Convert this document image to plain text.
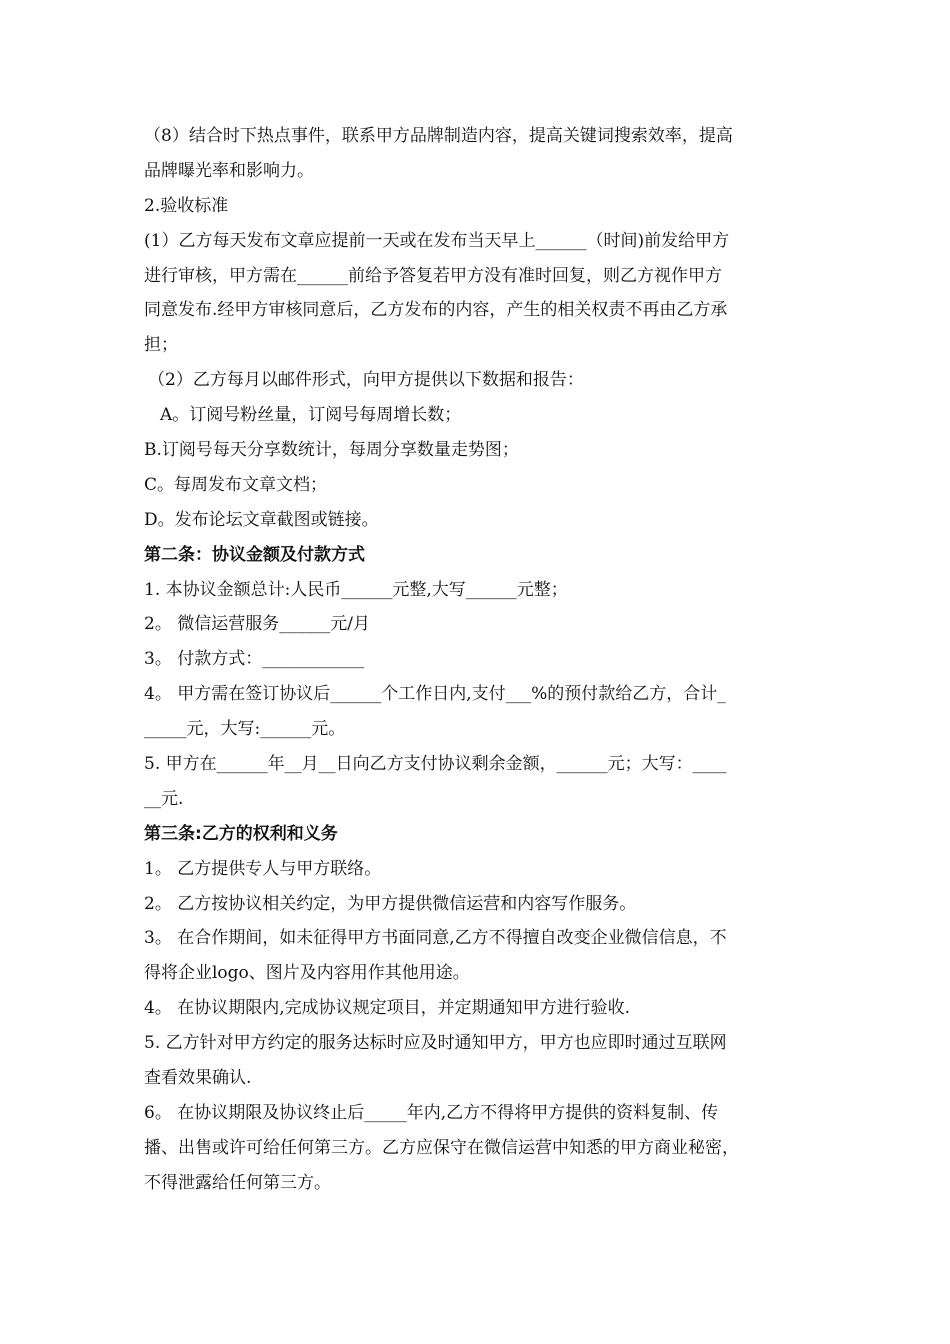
（8）结合时下热点事件，联系甲方品牌制造内容，提高关键词搜索效率，提高
品牌曝光率和影响力。
2.验收标准
(1）乙方每天发布文章应提前一天或在发布当天早上______（时间)前发给甲方
进行审核，甲方需在______前给予答复若甲方没有准时回复，则乙方视作甲方
同意发布.经甲方审核同意后，乙方发布的内容，产生的相关权责不再由乙方承
担；
（2）乙方每月以邮件形式，向甲方提供以下数据和报告：
A。订阅号粉丝量，订阅号每周增长数；
B.订阅号每天分享数统计，每周分享数量走势图；
C。每周发布文章文档；
D。发布论坛文章截图或链接。
第二条：协议金额及付款方式
1. 本协议金额总计:人民币______元整,大写______元整；
2。 微信运营服务______元/月
3。 付款方式：____________
4。 甲方需在签订协议后______个工作日内,支付___%的预付款给乙方，合计_
_____元，大写:______元。
5. 甲方在______年__月__日向乙方支付协议剩余金额，______元；大写：____
__元.
第三条:乙方的权利和义务
1。 乙方提供专人与甲方联络。
2。 乙方按协议相关约定，为甲方提供微信运营和内容写作服务。
3。 在合作期间，如未征得甲方书面同意,乙方不得擅自改变企业微信信息，不
得将企业logo、图片及内容用作其他用途。
4。 在协议期限内,完成协议规定项目，并定期通知甲方进行验收.
5. 乙方针对甲方约定的服务达标时应及时通知甲方，甲方也应即时通过互联网
查看效果确认.
6。 在协议期限及协议终止后_____年内,乙方不得将甲方提供的资料复制、传
播、出售或许可给任何第三方。乙方应保守在微信运营中知悉的甲方商业秘密，
不得泄露给任何第三方。
